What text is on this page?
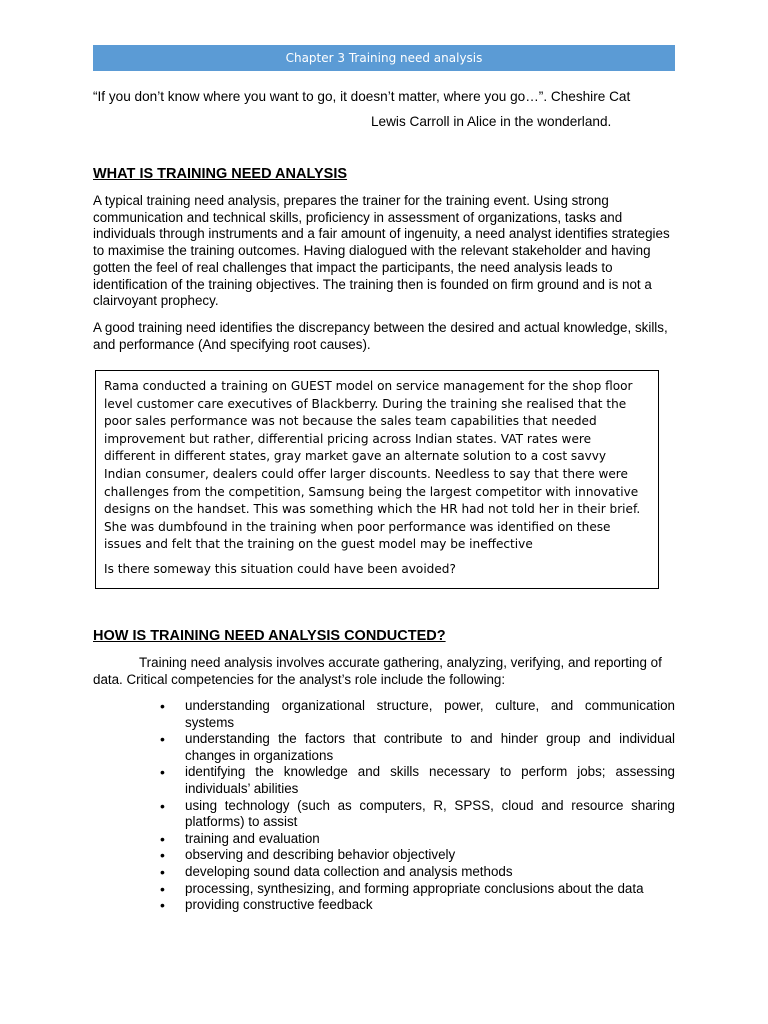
Chapter 3 Training need analysis
“If you don’t know where you want to go, it doesn’t matter, where you go…”. Cheshire Cat
Lewis Carroll in Alice in the wonderland.
WHAT IS TRAINING NEED ANALYSIS
A typical training need analysis, prepares the trainer for the training event. Using strong communication and technical skills, proficiency in assessment of organizations, tasks and individuals through instruments and a fair amount of ingenuity, a need analyst identifies strategies to maximise the training outcomes. Having dialogued with the relevant stakeholder and having gotten the feel of real challenges that impact the participants, the need analysis leads to identification of the training objectives. The training then is founded on firm ground and is not a clairvoyant prophecy.
A good training need identifies the discrepancy between the desired and actual knowledge, skills, and performance (And specifying root causes).

Rama conducted a training on GUEST model on service management for the shop floor level customer care executives of Blackberry. During the training she realised that the poor sales performance was not because the sales team capabilities that needed improvement but rather, differential pricing across Indian states. VAT rates were different in different states, gray market gave an alternate solution to a cost savvy Indian consumer, dealers could offer larger discounts. Needless to say that there were challenges from the competition, Samsung being the largest competitor with innovative designs on the handset. This was something which the HR had not told her in their brief. She was dumbfound in the training when poor performance was identified on these issues and felt that the training on the guest model may be ineffective

Is there someway this situation could have been avoided?

HOW IS TRAINING NEED ANALYSIS CONDUCTED?
Training need analysis involves accurate gathering, analyzing, verifying, and reporting of data. Critical competencies for the analyst’s role include the following:
• understanding organizational structure, power, culture, and communication systems
• understanding the factors that contribute to and hinder group and individual changes in organizations
• identifying the knowledge and skills necessary to perform jobs; assessing individuals’ abilities
• using technology (such as computers, R, SPSS, cloud and resource sharing platforms) to assist
• training and evaluation
• observing and describing behavior objectively
• developing sound data collection and analysis methods
• processing, synthesizing, and forming appropriate conclusions about the data
• providing constructive feedback
